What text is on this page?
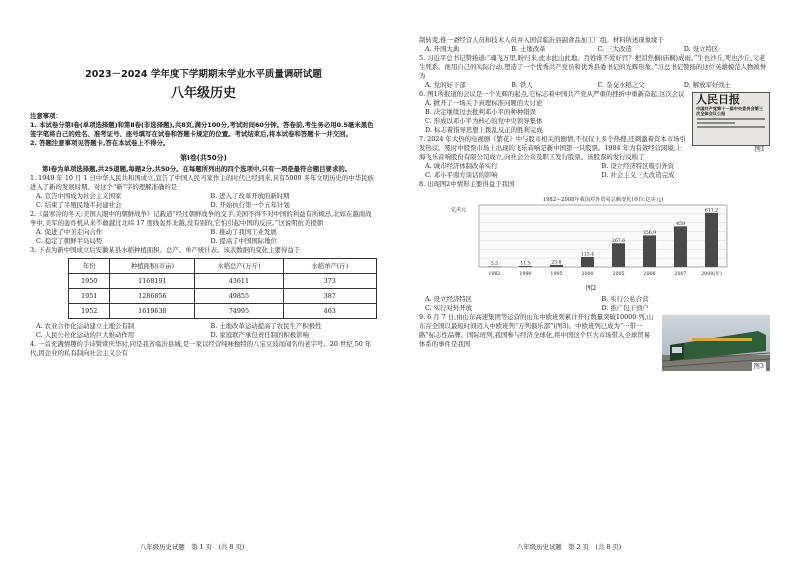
2023－2024 学年度下学期期末学业水平质量调研试题

八年级历史

注意事项：

1. 本试卷分第Ⅰ卷(单项选择题)和第Ⅱ卷(非选择题),共8页,满分100分,考试时间60分钟。答卷前,考生务必用0.5毫米黑色签字笔将自己的姓名、准考证号、座号填写在试卷和答题卡规定的位置。考试结束后,将本试卷和答题卡一并交回。

2. 答题注意事项见答题卡,答在本试卷上不得分。

第Ⅰ卷(共50分)

第Ⅰ卷为单项选择题,共25道题,每题2分,共50分。在每题所列出的四个选项中,只有一项是最符合题目要求的。

1. 1949 年 10 月 1 日中华人民共和国成立,宣告了中国人民当家作主的时代已经到来,具有5000 多年文明历史的中华民族进入了新的发展时期。对这个“新”字的理解准确的是

A. 宣告中国成为社会主义国家	B. 进入了改革开放的新时期
C. 结束了半殖民地半封建社会	D. 开始执行第一个五年计划

2.《最寒冷的冬天:美国人眼中的朝鲜战争》记载道“经过朝鲜战争的交手,美国不得不对中国的利益有所顾忌,北如在越南战争中,美军的轰炸机从来不敢越过北纬 17 度线轰炸北越,没有别的,它怕引起中国的反应。”这说明抗美援朝

A. 促进了中美走向合作	B. 推动了我国工业发展
C. 稳定了朝鲜半岛局势	D. 提高了中国国际地位

3. 下表为新中国成立后安徽某县水稻种植面积、总产、单产统计表。该表数据的变化主要得益于

年份	种植面积(市亩)	水稻总产(万斤)	水稻单产(斤)
1950	1168191	43611	373
1951	1286856	49855	387
1952	1619638	74995	463
A. 农业合作化运动建立土地公有制	B. 土地改革运动提高了农民生产积极性
C. 人民公社化运动的巨大推动作用	D. 家庭联产承包责任制的积极影响

4. 一首充满情趣的手诗赞赏庆华时,同是我省临沂县城,是一家以经营纯味独特的八宝豆豉而闻名的老字号。20 世纪 50 年代,因企业的私有制向社会主义公有

八年级历史试题　第 1 页　(共 8 页)

制转变,惟一斋经营人员和技术人员并入国营临沂县副食品加工厂组。材料所述现象缘于

A. 开国大典	B. 土地改革	C. 三大改造	D. 设立特区

5. 习近平总书记赞扬道:“魂飞万里,盼归来,此水此山此地。百姓谁不爱好官？把泪焦桐(庙桐)成雨。”生也沙丘,死也沙丘,父老生死系。他用自己的实际行动,塑造了一个优秀共产党员和优秀县委书记的光辉形象。”习总书记赞扬的这位英雄模范人物被誉为

A. 党的好干部	B. 铁人	C. 杂交水稻之父	D. 解放军好战士
人民日报
中国共产党第十一届中央委员会第三次全体会议公报
图1

6. 图1所报道的会议是一个光辉的起点,它标志着中国共产党从严重的挫折中重新奋起,这次会议

A. 掀开了一场关于真理标准问题的大讨论

B. 决定继续过去批判邓小平的种种错误

C. 形成以邓小平为核心的党中央领导集体

D. 标志着指导思想上拨乱反正的胜利完成

7. 2024 年大热的电视剧《繁花》中与股市相关的剧情,不仅仅上多个热搜,还刺激着资本市场引发热议。冕时中股票市场上出现的飞乐音响是新中国第一只股票。1984 年为有效经营困境,上海飞乐音响股份有限公司成立,向社会公众及职工发行股票。该股票的发行反映了

A. 城市经济体制改革实行	B. 设立经济特区吸引外资
C. 邓小平南方谈话的影响	D. 社会主义三大改造完成

8. 出现图2中情形主要得益于我国

1982—2008年我国对外贸易总额变化(单位:亿美元)
亿美元
5.5
1982
11.5
1990
23.8
1995
113.4
2000
267.6
2005
356.9
2006
459
2007
611.2
2008(年)
图2
A. 设立经济特区	B. 实行公私合营
C. 实行对外开放	D. 推广包干到户
图3

9. 6 月 7 日,由山东高速集团等运营的山东中欧班列累计开行数量突破10000 列,山东在全国以最短时间迈入中欧班列“万列俱乐部”(图3)。中欧班列已成为“一带一路”标志性品牌、国际班列,我国参与经济全球化,将中国这个巨大市场带入全球贸易体系的事件是我国

八年级历史试题　第 2 页　(共 8 页)
